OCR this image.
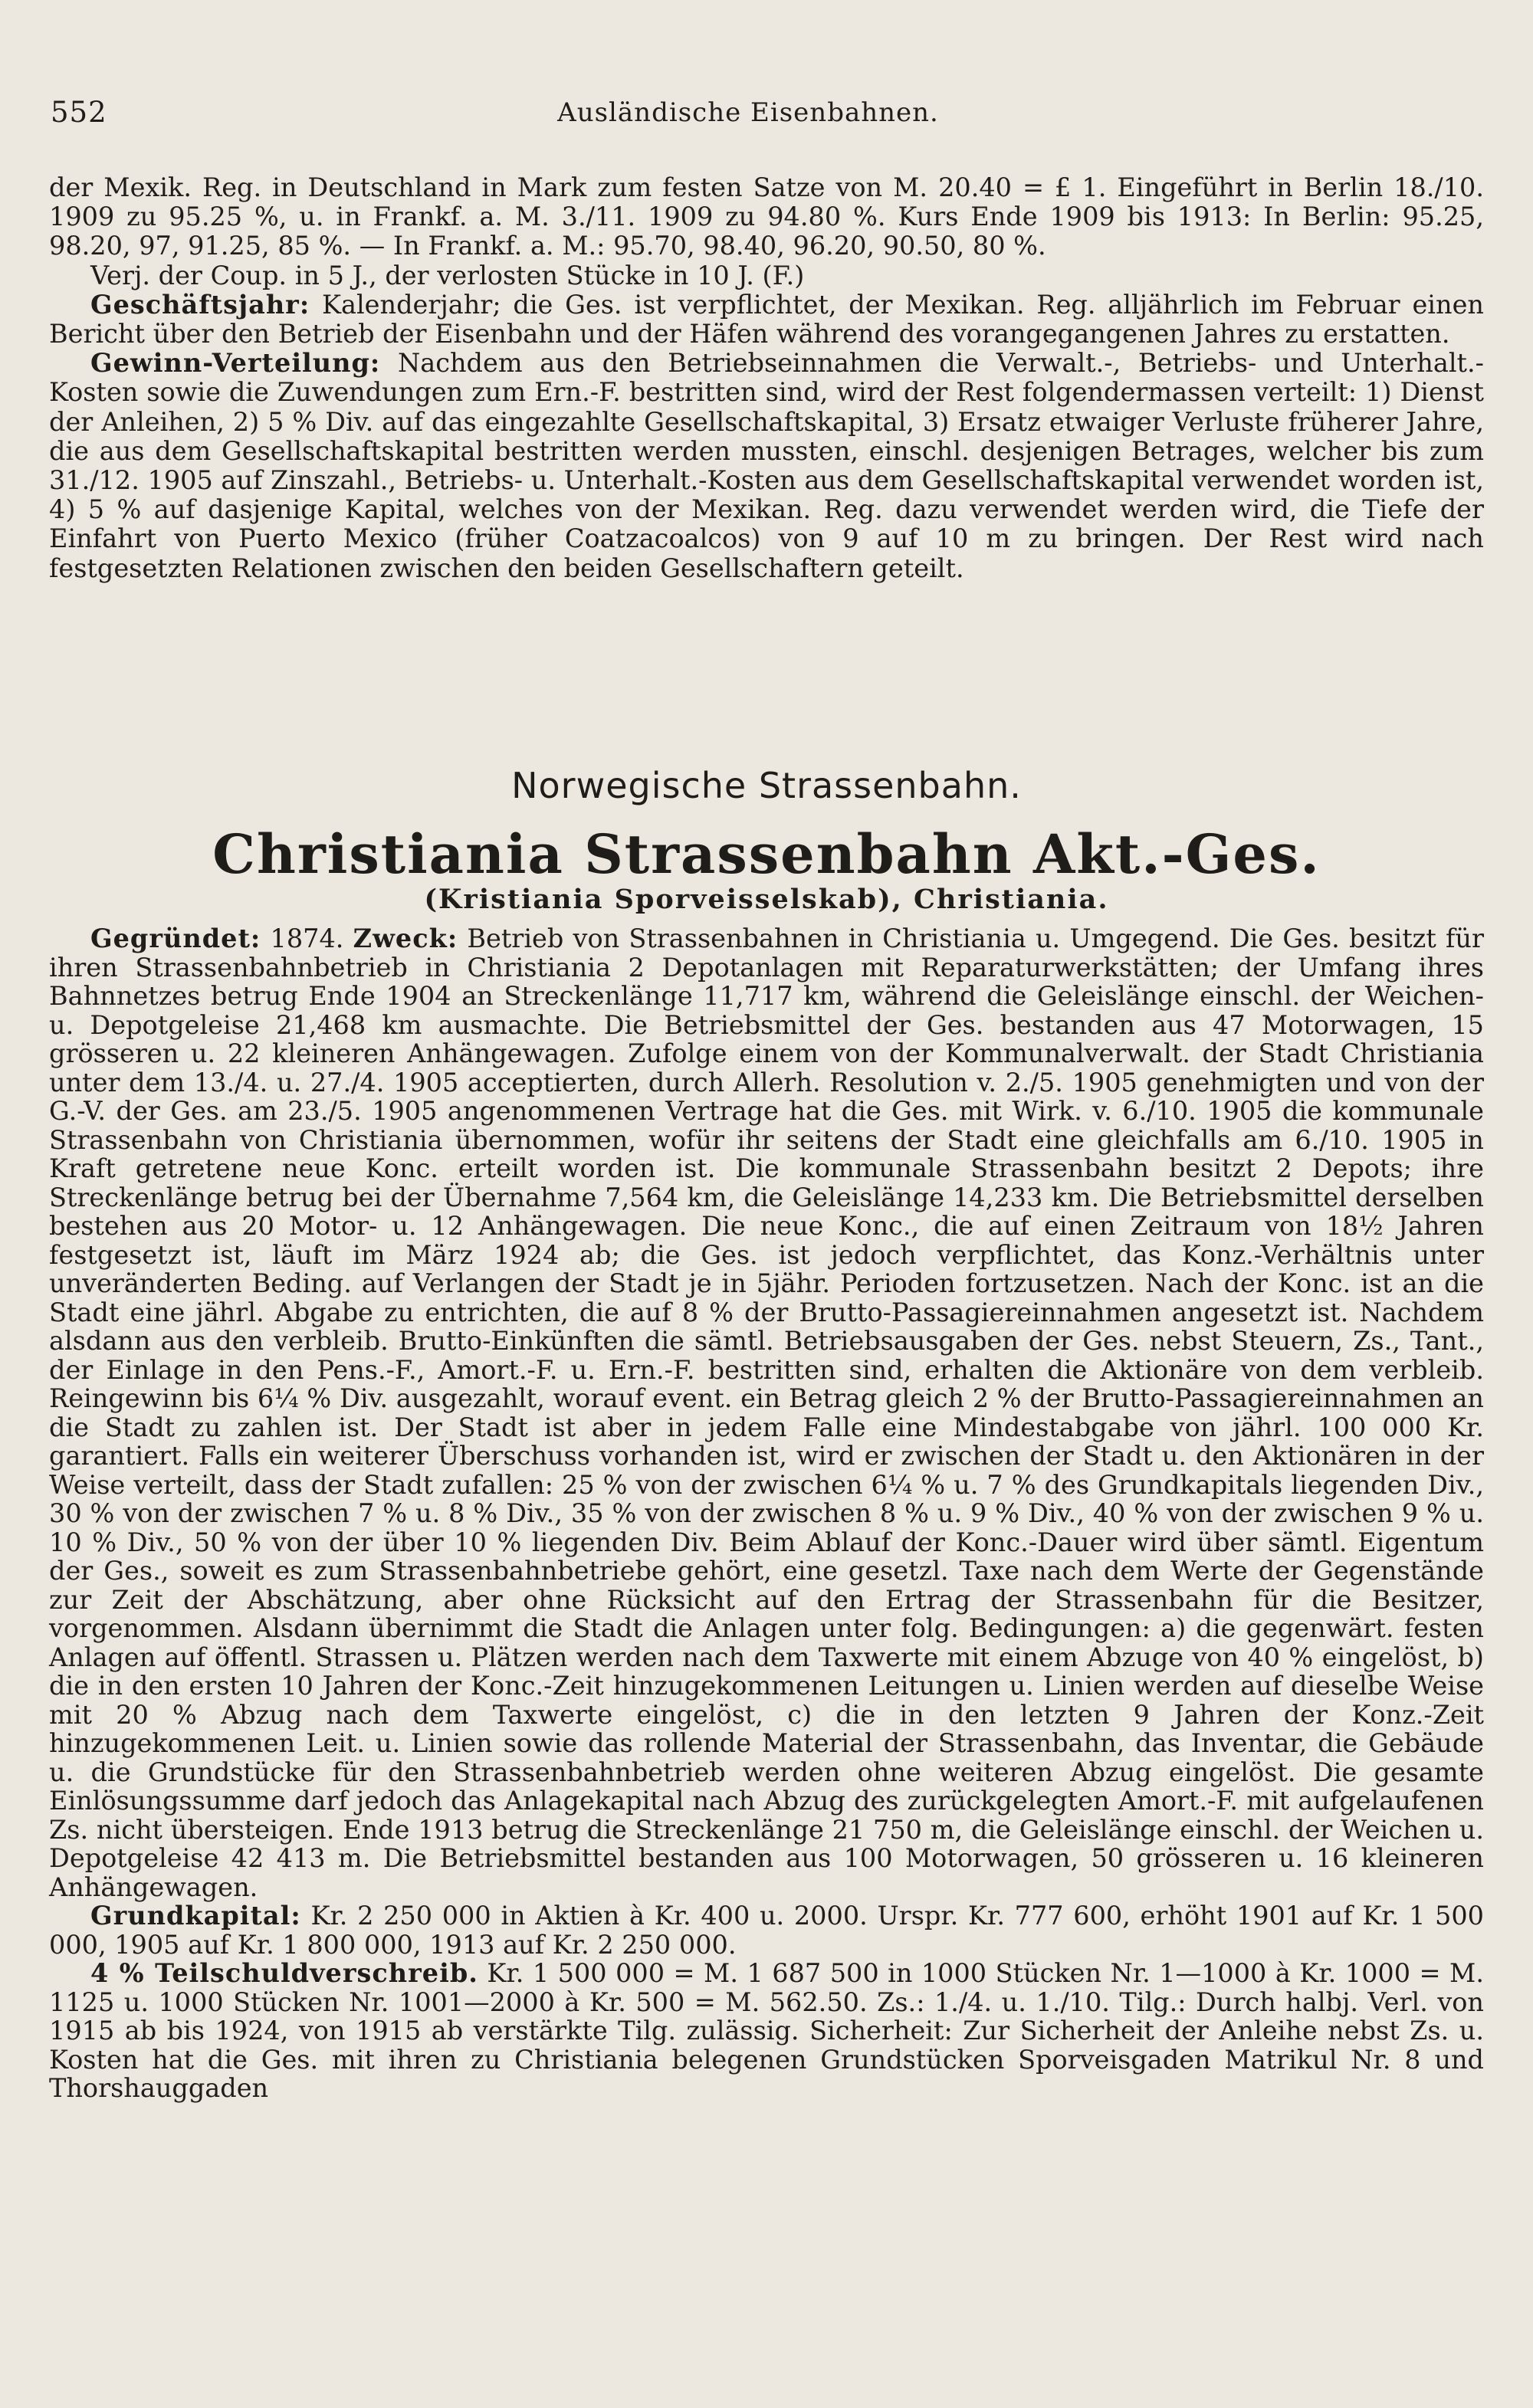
552	Ausländische Eisenbahnen.

der Mexik. Reg. in Deutschland in Mark zum festen Satze von M. 20.40 = £ 1. Eingeführt in Berlin 18./10. 1909 zu 95.25 %, u. in Frankf. a. M. 3./11. 1909 zu 94.80 %. Kurs Ende 1909 bis 1913: In Berlin: 95.25, 98.20, 97, 91.25, 85 %. — In Frankf. a. M.: 95.70, 98.40, 96.20, 90.50, 80 %.

Verj. der Coup. in 5 J., der verlosten Stücke in 10 J. (F.)

Geschäftsjahr: Kalenderjahr; die Ges. ist verpflichtet, der Mexikan. Reg. alljährlich im Februar einen Bericht über den Betrieb der Eisenbahn und der Häfen während des vorangegangenen Jahres zu erstatten.

Gewinn-Verteilung: Nachdem aus den Betriebseinnahmen die Verwalt.-, Betriebs- und Unterhalt.-Kosten sowie die Zuwendungen zum Ern.-F. bestritten sind, wird der Rest folgendermassen verteilt: 1) Dienst der Anleihen, 2) 5 % Div. auf das eingezahlte Gesellschaftskapital, 3) Ersatz etwaiger Verluste früherer Jahre, die aus dem Gesellschaftskapital bestritten werden mussten, einschl. desjenigen Betrages, welcher bis zum 31./12. 1905 auf Zinszahl., Betriebs- u. Unterhalt.-Kosten aus dem Gesellschaftskapital verwendet worden ist, 4) 5 % auf dasjenige Kapital, welches von der Mexikan. Reg. dazu verwendet werden wird, die Tiefe der Einfahrt von Puerto Mexico (früher Coatzacoalcos) von 9 auf 10 m zu bringen. Der Rest wird nach festgesetzten Relationen zwischen den beiden Gesellschaftern geteilt.

Norwegische Strassenbahn.
Christiania Strassenbahn Akt.-Ges.
(Kristiania Sporveisselskab), Christiania.

Gegründet: 1874. Zweck: Betrieb von Strassenbahnen in Christiania u. Umgegend. Die Ges. besitzt für ihren Strassenbahnbetrieb in Christiania 2 Depotanlagen mit Reparaturwerkstätten; der Umfang ihres Bahnnetzes betrug Ende 1904 an Streckenlänge 11,717 km, während die Geleislänge einschl. der Weichen- u. Depotgeleise 21,468 km ausmachte. Die Betriebsmittel der Ges. bestanden aus 47 Motorwagen, 15 grösseren u. 22 kleineren Anhängewagen. Zufolge einem von der Kommunalverwalt. der Stadt Christiania unter dem 13./4. u. 27./4. 1905 acceptierten, durch Allerh. Resolution v. 2./5. 1905 genehmigten und von der G.-V. der Ges. am 23./5. 1905 angenommenen Vertrage hat die Ges. mit Wirk. v. 6./10. 1905 die kommunale Strassenbahn von Christiania übernommen, wofür ihr seitens der Stadt eine gleichfalls am 6./10. 1905 in Kraft getretene neue Konc. erteilt worden ist. Die kommunale Strassenbahn besitzt 2 Depots; ihre Streckenlänge betrug bei der Übernahme 7,564 km, die Geleislänge 14,233 km. Die Betriebsmittel derselben bestehen aus 20 Motor- u. 12 Anhängewagen. Die neue Konc., die auf einen Zeitraum von 18½ Jahren festgesetzt ist, läuft im März 1924 ab; die Ges. ist jedoch verpflichtet, das Konz.-Verhältnis unter unveränderten Beding. auf Verlangen der Stadt je in 5jähr. Perioden fortzusetzen. Nach der Konc. ist an die Stadt eine jährl. Abgabe zu entrichten, die auf 8 % der Brutto-Passagiereinnahmen angesetzt ist. Nachdem alsdann aus den verbleib. Brutto-Einkünften die sämtl. Betriebsausgaben der Ges. nebst Steuern, Zs., Tant., der Einlage in den Pens.-F., Amort.-F. u. Ern.-F. bestritten sind, erhalten die Aktionäre von dem verbleib. Reingewinn bis 6¼ % Div. ausgezahlt, worauf event. ein Betrag gleich 2 % der Brutto-Passagiereinnahmen an die Stadt zu zahlen ist. Der Stadt ist aber in jedem Falle eine Mindestabgabe von jährl. 100 000 Kr. garantiert. Falls ein weiterer Überschuss vorhanden ist, wird er zwischen der Stadt u. den Aktionären in der Weise verteilt, dass der Stadt zufallen: 25 % von der zwischen 6¼ % u. 7 % des Grundkapitals liegenden Div., 30 % von der zwischen 7 % u. 8 % Div., 35 % von der zwischen 8 % u. 9 % Div., 40 % von der zwischen 9 % u. 10 % Div., 50 % von der über 10 % liegenden Div. Beim Ablauf der Konc.-Dauer wird über sämtl. Eigentum der Ges., soweit es zum Strassenbahnbetriebe gehört, eine gesetzl. Taxe nach dem Werte der Gegenstände zur Zeit der Abschätzung, aber ohne Rücksicht auf den Ertrag der Strassenbahn für die Besitzer, vorgenommen. Alsdann übernimmt die Stadt die Anlagen unter folg. Bedingungen: a) die gegenwärt. festen Anlagen auf öffentl. Strassen u. Plätzen werden nach dem Taxwerte mit einem Abzuge von 40 % eingelöst, b) die in den ersten 10 Jahren der Konc.-Zeit hinzugekommenen Leitungen u. Linien werden auf dieselbe Weise mit 20 % Abzug nach dem Taxwerte eingelöst, c) die in den letzten 9 Jahren der Konz.-Zeit hinzugekommenen Leit. u. Linien sowie das rollende Material der Strassenbahn, das Inventar, die Gebäude u. die Grundstücke für den Strassenbahnbetrieb werden ohne weiteren Abzug eingelöst. Die gesamte Einlösungssumme darf jedoch das Anlagekapital nach Abzug des zurückgelegten Amort.-F. mit aufgelaufenen Zs. nicht übersteigen. Ende 1913 betrug die Streckenlänge 21 750 m, die Geleislänge einschl. der Weichen u. Depotgeleise 42 413 m. Die Betriebsmittel bestanden aus 100 Motorwagen, 50 grösseren u. 16 kleineren Anhängewagen.

Grundkapital: Kr. 2 250 000 in Aktien à Kr. 400 u. 2000. Urspr. Kr. 777 600, erhöht 1901 auf Kr. 1 500 000, 1905 auf Kr. 1 800 000, 1913 auf Kr. 2 250 000.

4 % Teilschuldverschreib. Kr. 1 500 000 = M. 1 687 500 in 1000 Stücken Nr. 1—1000 à Kr. 1000 = M. 1125 u. 1000 Stücken Nr. 1001—2000 à Kr. 500 = M. 562.50. Zs.: 1./4. u. 1./10. Tilg.: Durch halbj. Verl. von 1915 ab bis 1924, von 1915 ab verstärkte Tilg. zulässig. Sicherheit: Zur Sicherheit der Anleihe nebst Zs. u. Kosten hat die Ges. mit ihren zu Christiania belegenen Grundstücken Sporveisgaden Matrikul Nr. 8 und Thorshauggaden
